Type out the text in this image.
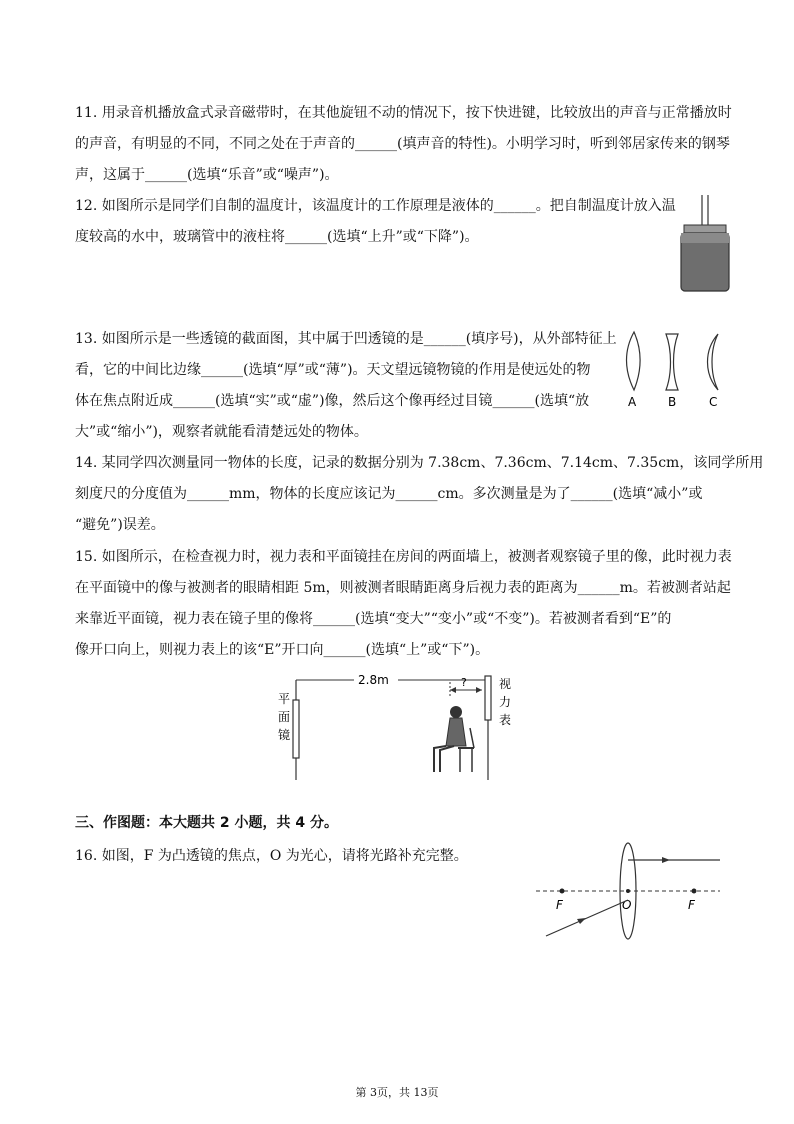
11. 用录音机播放盒式录音磁带时，在其他旋钮不动的情况下，按下快进键，比较放出的声音与正常播放时
的声音，有明显的不同，不同之处在于声音的______(填声音的特性)。小明学习时，听到邻居家传来的钢琴
声，这属于______(选填“乐音”或“噪声”)。
12. 如图所示是同学们自制的温度计，该温度计的工作原理是液体的______。把自制温度计放入温
度较高的水中，玻璃管中的液柱将______(选填“上升”或“下降”)。
13. 如图所示是一些透镜的截面图，其中属于凹透镜的是______(填序号)，从外部特征上
看，它的中间比边缘______(选填“厚”或“薄”)。天文望远镜物镜的作用是使远处的物
体在焦点附近成______(选填“实”或“虚”)像，然后这个像再经过目镜______(选填“放
大”或“缩小”)，观察者就能看清楚远处的物体。
A	B	C
14. 某同学四次测量同一物体的长度，记录的数据分别为 7.38cm、7.36cm、7.14cm、7.35cm，该同学所用
刻度尺的分度值为______mm，物体的长度应该记为______cm。多次测量是为了______(选填“减小”或
“避免”)误差。
15. 如图所示，在检查视力时，视力表和平面镜挂在房间的两面墙上，被测者观察镜子里的像，此时视力表
在平面镜中的像与被测者的眼睛相距 5m，则被测者眼睛距离身后视力表的距离为______m。若被测者站起
来靠近平面镜，视力表在镜子里的像将______(选填“变大”“变小”或“不变”)。若被测者看到“E”的
像开口向上，则视力表上的该“E”开口向______(选填“上”或“下”)。
2.8m
平
面
镜
视
力
表
?
三、作图题：本大题共 2 小题，共 4 分。
16. 如图，F 为凸透镜的焦点，O 为光心，请将光路补充完整。
F	O	F
第 3页，共 13页
